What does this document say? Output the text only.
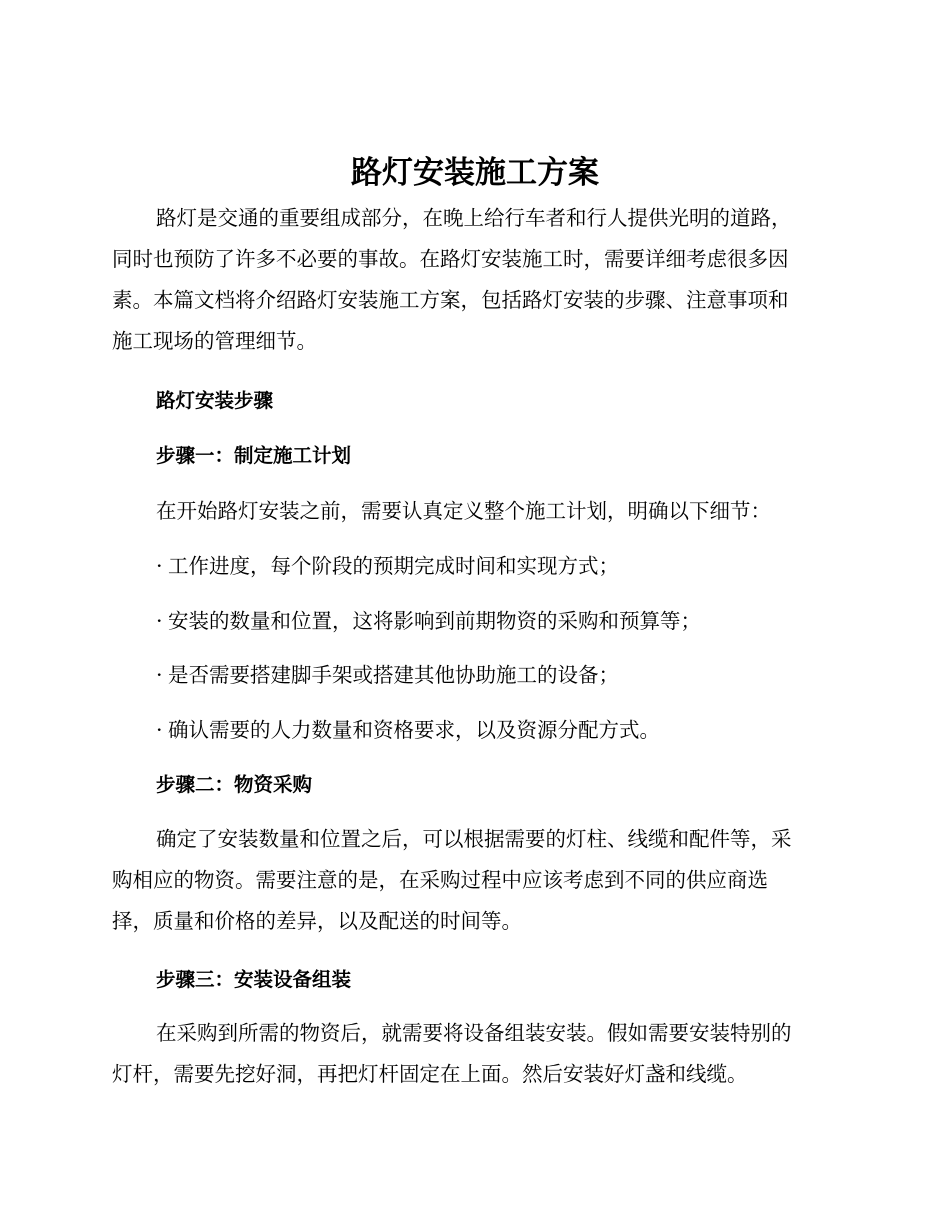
路灯安装施工方案
路灯是交通的重要组成部分，在晚上给行车者和行人提供光明的道路，
同时也预防了许多不必要的事故。在路灯安装施工时，需要详细考虑很多因
素。本篇文档将介绍路灯安装施工方案，包括路灯安装的步骤、注意事项和
施工现场的管理细节。
路灯安装步骤
步骤一：制定施工计划

在开始路灯安装之前，需要认真定义整个施工计划，明确以下细节：

· 工作进度，每个阶段的预期完成时间和实现方式；

· 安装的数量和位置，这将影响到前期物资的采购和预算等；

· 是否需要搭建脚手架或搭建其他协助施工的设备；

· 确认需要的人力数量和资格要求，以及资源分配方式。

步骤二：物资采购
确定了安装数量和位置之后，可以根据需要的灯柱、线缆和配件等，采
购相应的物资。需要注意的是，在采购过程中应该考虑到不同的供应商选
择，质量和价格的差异，以及配送的时间等。
步骤三：安装设备组装
在采购到所需的物资后，就需要将设备组装安装。假如需要安装特别的
灯杆，需要先挖好洞，再把灯杆固定在上面。然后安装好灯盏和线缆。
